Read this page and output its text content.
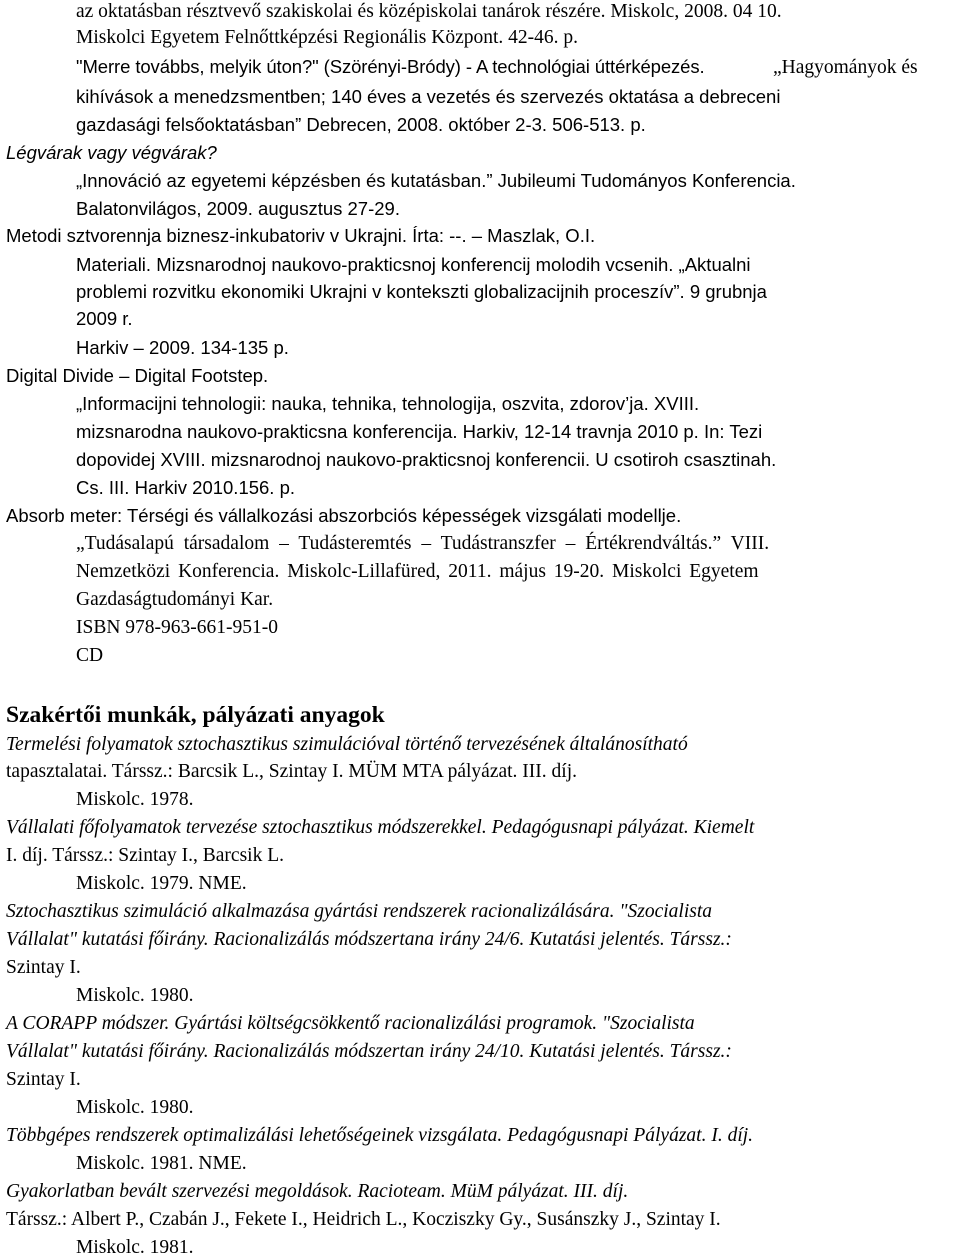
az oktatásban résztvevő szakiskolai és középiskolai tanárok részére. Miskolc, 2008. 04 10.
Miskolci Egyetem Felnőttképzési Regionális Központ. 42-46. p.
"Merre továbbs, melyik úton?" (Szörényi-Bródy) - A technológiai úttérképezés.	„Hagyományok és
kihívások a menedzsmentben; 140 éves a vezetés és szervezés oktatása a debreceni
gazdasági felsőoktatásban” Debrecen, 2008. október 2-3. 506-513. p.
Légvárak vagy végvárak?
„Innováció az egyetemi képzésben és kutatásban.” Jubileumi Tudományos Konferencia.
Balatonvilágos, 2009. augusztus 27-29.
Metodi sztvorennja biznesz-inkubatoriv v Ukrajni. Írta: --. – Maszlak, O.I.
Materiali. Mizsnarodnoj naukovo-prakticsnoj konferencij molodih vcsenih. „Aktualni
problemi rozvitku ekonomiki Ukrajni v konteksztі globalizacijnih proceszív”. 9 grubnja
2009 r.
Harkiv – 2009. 134-135 p.
Digital Divide – Digital Footstep.
„Informacijni tehnologii: nauka, tehnika, tehnologija, oszvita, zdorov’ja. XVIII.
mizsnarodna naukovo-prakticsna konferencija. Harkiv, 12-14 travnja 2010 p. In: Tezi
dopovidej XVIII. mizsnarodnoj naukovo-prakticsnoj konferencii. U csotiroh csasztinah.
Cs. III. Harkiv 2010.156. p.
Absorb meter: Térségi és vállalkozási abszorbciós képességek vizsgálati modellje.
„Tudásalapú társadalom – Tudásteremtés – Tudástranszfer – Értékrendváltás.” VIII.
Nemzetközi Konferencia. Miskolc-Lillafüred, 2011. május 19-20. Miskolci Egyetem
Gazdaságtudományi Kar.
ISBN 978-963-661-951-0
CD
Szakértői munkák, pályázati anyagok
Termelési folyamatok sztochasztikus szimulációval történő tervezésének általánosítható
tapasztalatai. Társsz.: Barcsik L., Szintay I. MÜM MTA pályázat. III. díj.
Miskolc. 1978.
Vállalati főfolyamatok tervezése sztochasztikus módszerekkel. Pedagógusnapi pályázat. Kiemelt
I. díj. Társsz.: Szintay I., Barcsik L.
Miskolc. 1979. NME.
Sztochasztikus szimuláció alkalmazása gyártási rendszerek racionalizálására. "Szocialista
Vállalat" kutatási főirány. Racionalizálás módszertana irány 24/6. Kutatási jelentés. Társsz.:
Szintay I.
Miskolc. 1980.
A CORAPP módszer. Gyártási költségcsökkentő racionalizálási programok. "Szocialista
Vállalat" kutatási főirány. Racionalizálás módszertan irány 24/10. Kutatási jelentés. Társsz.:
Szintay I.
Miskolc. 1980.
Többgépes rendszerek optimalizálási lehetőségeinek vizsgálata. Pedagógusnapi Pályázat. I. díj.
Miskolc. 1981. NME.
Gyakorlatban bevált szervezési megoldások. Racioteam. MüM pályázat. III. díj.
Társsz.: Albert P., Czabán J., Fekete I., Heidrich L., Kocziszky Gy., Susánszky J., Szintay I.
Miskolc. 1981.
